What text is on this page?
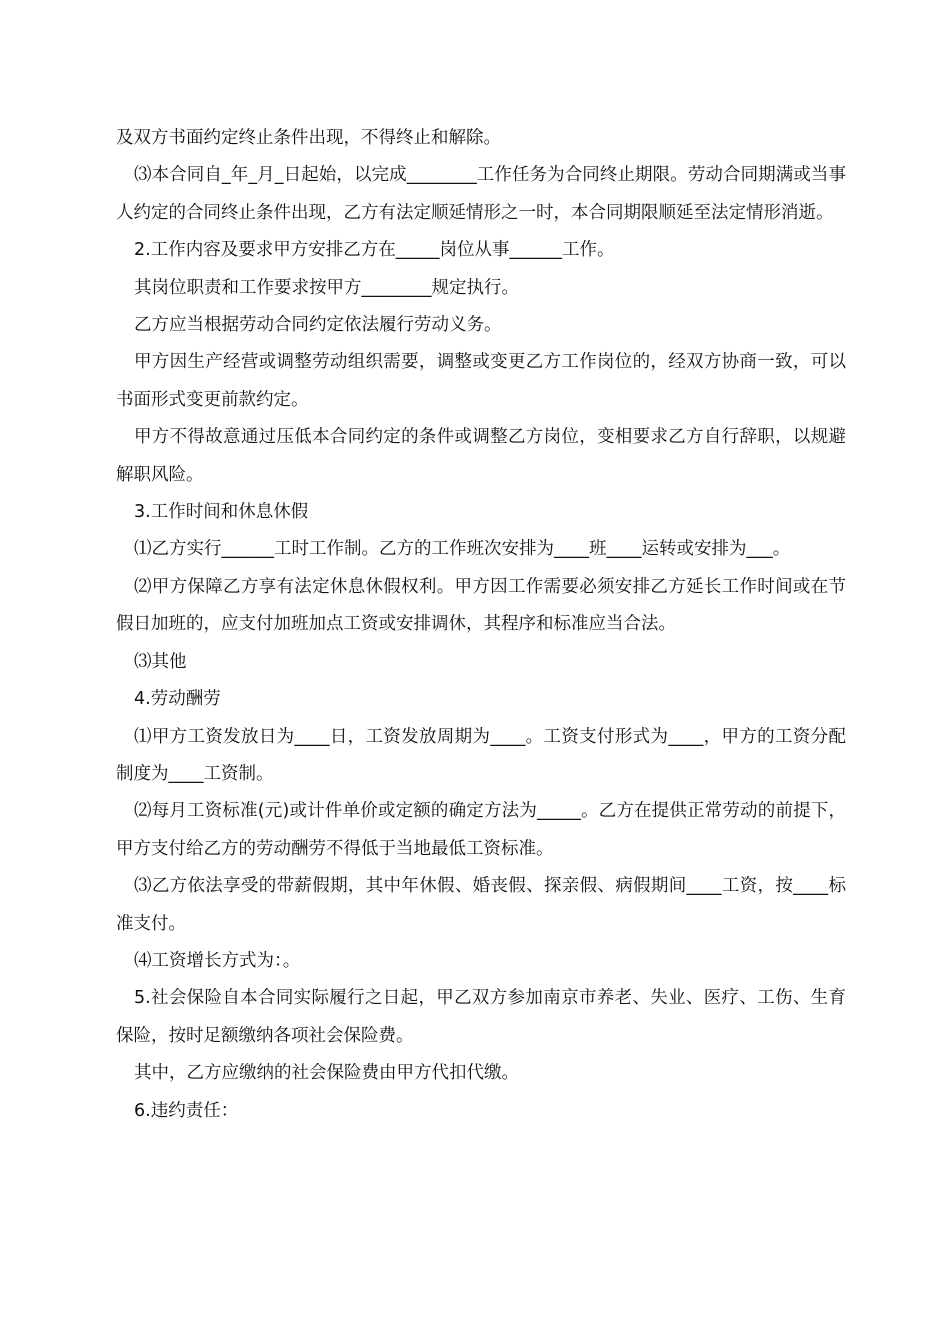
及双方书面约定终止条件出现，不得终止和解除。

⑶本合同自_年_月_日起始，以完成________工作任务为合同终止期限。劳动合同期满或当事人约定的合同终止条件出现，乙方有法定顺延情形之一时，本合同期限顺延至法定情形消逝。

2.工作内容及要求甲方安排乙方在_____岗位从事______工作。

其岗位职责和工作要求按甲方________规定执行。

乙方应当根据劳动合同约定依法履行劳动义务。

甲方因生产经营或调整劳动组织需要，调整或变更乙方工作岗位的，经双方协商一致，可以书面形式变更前款约定。

甲方不得故意通过压低本合同约定的条件或调整乙方岗位，变相要求乙方自行辞职，以规避解职风险。

3.工作时间和休息休假

⑴乙方实行______工时工作制。乙方的工作班次安排为____班____运转或安排为___。

⑵甲方保障乙方享有法定休息休假权利。甲方因工作需要必须安排乙方延长工作时间或在节假日加班的，应支付加班加点工资或安排调休，其程序和标准应当合法。

⑶其他

4.劳动酬劳

⑴甲方工资发放日为____日，工资发放周期为____。工资支付形式为____，甲方的工资分配制度为____工资制。

⑵每月工资标准(元)或计件单价或定额的确定方法为_____。乙方在提供正常劳动的前提下，甲方支付给乙方的劳动酬劳不得低于当地最低工资标准。

⑶乙方依法享受的带薪假期，其中年休假、婚丧假、探亲假、病假期间____工资，按____标准支付。

⑷工资增长方式为：。

5.社会保险自本合同实际履行之日起，甲乙双方参加南京市养老、失业、医疗、工伤、生育保险，按时足额缴纳各项社会保险费。

其中，乙方应缴纳的社会保险费由甲方代扣代缴。

6.违约责任：
